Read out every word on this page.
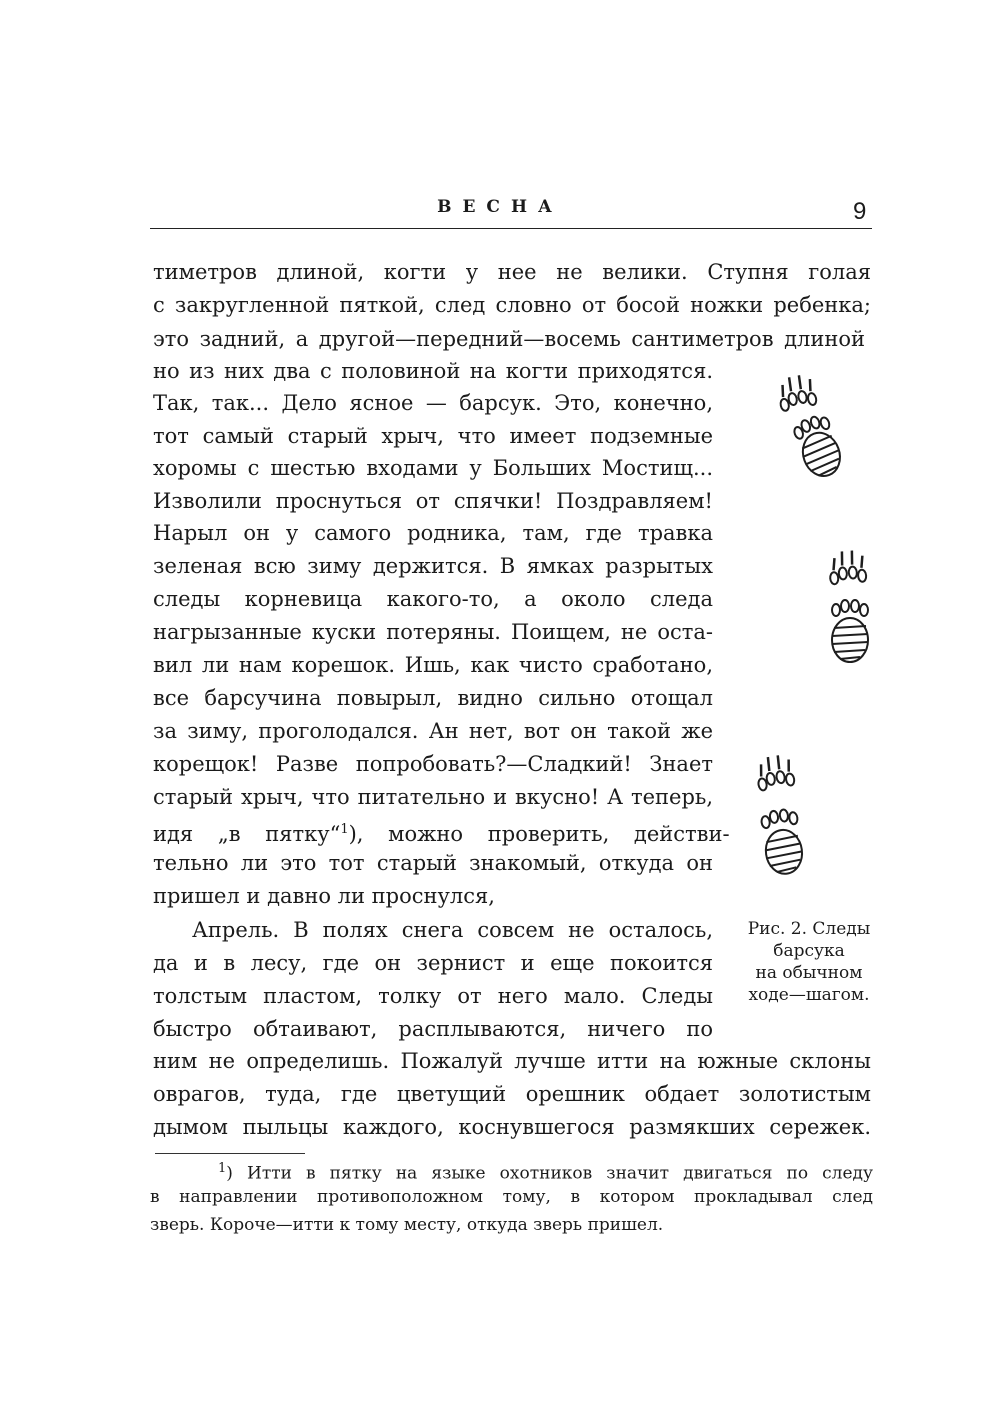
ВЕСНА	9
тиметров длиной, когти у нее не велики. Ступня голая
с закругленной пяткой, след словно от босой ножки ребенка;
это задний, а другой—передний—восемь сантиметров длиной
но из них два с половиной на когти приходятся.
Так, так... Дело ясное — барсук. Это, конечно,
тот самый старый хрыч, что имеет подземные
хоромы с шестью входами у Больших Мостищ...
Изволили проснуться от спячки! Поздравляем!
Нарыл он у самого родника, там, где травка
зеленая всю зиму держится. В ямках разрытых
следы корневица какого-то, а около следа
нагрызанные куски потеряны. Поищем, не оста-
вил ли нам корешок. Ишь, как чисто сработано,
все барсучина повырыл, видно сильно отощал
за зиму, проголодался. Ан нет, вот он такой же
корещок! Разве попробовать?—Сладкий! Знает
старый хрыч, что питательно и вкусно! А теперь,
идя „в пятку“$^1$), можно проверить, действи-
тельно ли это тот старый знакомый, откуда он
пришел и давно ли проснулся,
Апрель. В полях снега совсем не осталось,
да и в лесу, где он зернист и еще покоится
толстым пластом, толку от него мало. Следы
быстро обтаивают, расплываются, ничего по
ним не определишь. Пожалуй лучше итти на южные склоны
оврагов, туда, где цветущий орешник обдает золотистым
дымом пыльцы каждого, коснувшегося размякших сережек.
Рис. 2. Следы
барсука
на обычном
ходе—шагом.
$^1$) Итти в пятку на языке охотников значит двигаться по следу
в направлении противоположном тому, в котором прокладывал след
зверь. Короче—итти к тому месту, откуда зверь пришел.
